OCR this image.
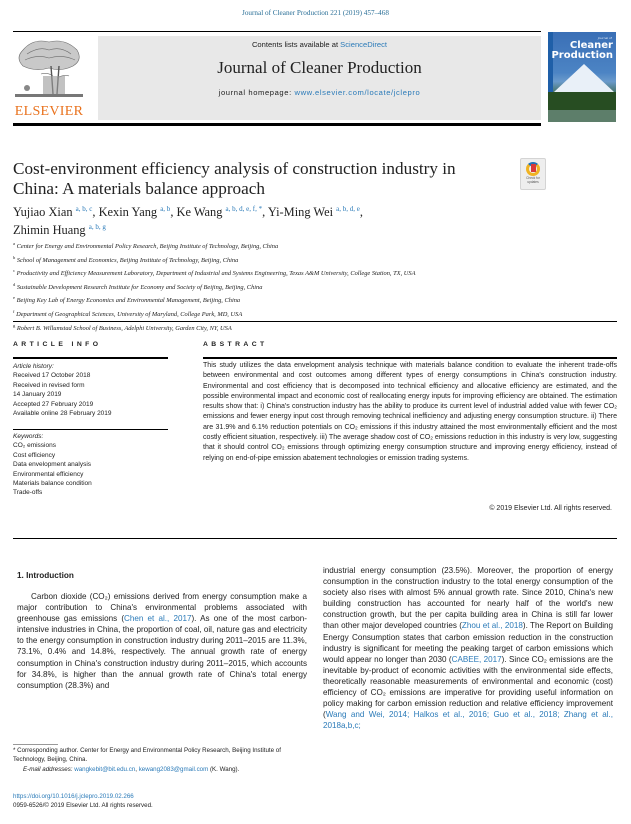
Journal of Cleaner Production 221 (2019) 457–468
ELSEVIER
Contents lists available at ScienceDirect
Journal of Cleaner Production
journal homepage: www.elsevier.com/locate/jclepro
Journal of
Cleaner
Production
Cost-environment efficiency analysis of construction industry in China: A materials balance approach
Check for
updates
Yujiao Xian $^{a, b, c}$, Kexin Yang $^{a, b}$, Ke Wang $^{a, b, d, e, f, *}$, Yi-Ming Wei $^{a, b, d, e}$,
Zhimin Huang $^{a, b, g}$
$^a$ Center for Energy and Environmental Policy Research, Beijing Institute of Technology, Beijing, China
$^b$ School of Management and Economics, Beijing Institute of Technology, Beijing, China
$^c$ Productivity and Efficiency Measurement Laboratory, Department of Industrial and Systems Engineering, Texas A&M University, College Station, TX, USA
$^d$ Sustainable Development Research Institute for Economy and Society of Beijing, Beijing, China
$^e$ Beijing Key Lab of Energy Economics and Environmental Management, Beijing, China
$^f$ Department of Geographical Sciences, University of Maryland, College Park, MD, USA
$^g$ Robert B. Willumstad School of Business, Adelphi University, Garden City, NY, USA
ARTICLE INFO	ABSTRACT
Article history:
Received 17 October 2018
Received in revised form
14 January 2019
Accepted 27 February 2019
Available online 28 February 2019
Keywords:
CO₂ emissions
Cost efficiency
Data envelopment analysis
Environmental efficiency
Materials balance condition
Trade-offs

This study utilizes the data envelopment analysis technique with materials balance condition to evaluate the inherent trade-offs between environmental and cost outcomes among different types of energy consumptions in China's construction industry. Environmental and cost efficiency that is decomposed into technical efficiency and allocative efficiency are estimated, and the possible environmental impact and economic cost of reallocating energy inputs for improving efficiency are obtained. The estimation results show that: i) China's construction industry has the ability to produce its current level of industrial added value with fewer CO₂ emissions and fewer energy input cost through removing technical inefficiency and adjusting energy consumption structure. ii) There are 31.9% and 6.1% reduction potentials on CO₂ emissions if this industry attained the most environmentally efficient and the most costly efficient situation, respectively. iii) The average shadow cost of CO₂ emissions reduction in this industry is very low, suggesting that it should control CO₂ emissions through optimizing energy consumption structure and improving energy efficiency, instead of relying on end-of-pipe emission abatement technologies or emission trading systems.

© 2019 Elsevier Ltd. All rights reserved.
1. Introduction

Carbon dioxide (CO₂) emissions derived from energy consumption make a major contribution to China's environmental problems associated with greenhouse gas emissions (Chen et al., 2017). As one of the most carbon-intensive industries in China, the proportion of coal, oil, nature gas and electricity to the energy consumption in construction industry during 2011–2015 are 11.3%, 73.1%, 0.4% and 14.8%, respectively. The annual growth rate of energy consumption in China's construction industry during 2011–2015, which accounts for 34.8%, is higher than the annual growth rate of China's total energy consumption (28.3%) and

industrial energy consumption (23.5%). Moreover, the proportion of energy consumption in the construction industry to the total energy consumption of the society also rises with almost 5% annual growth rate. Since 2010, China's new building construction has accounted for nearly half of the world's new construction growth, but the per capita building area in China is still far lower than other major developed countries (Zhou et al., 2018). The Report on Building Energy Consumption states that carbon emission reduction in the construction industry is significant for meeting the peaking target of carbon emissions which would appear no longer than 2030 (CABEE, 2017). Since CO₂ emissions are the inevitable by-product of economic activities with the environmental side effects, theoretically reasonable measurements of environmental and economic (cost) efficiency of CO₂ emissions are imperative for providing useful information on policy making for carbon emission reduction and relative efficiency improvement (Wang and Wei, 2014; Halkos et al., 2016; Guo et al., 2018; Zhang et al., 2018a,b,c;

* Corresponding author. Center for Energy and Environmental Policy Research, Beijing Institute of Technology, Beijing, China.
E-mail addresses: wangkebit@bit.edu.cn, kewang2083@gmail.com (K. Wang).
https://doi.org/10.1016/j.jclepro.2019.02.266
0959-6526/© 2019 Elsevier Ltd. All rights reserved.
